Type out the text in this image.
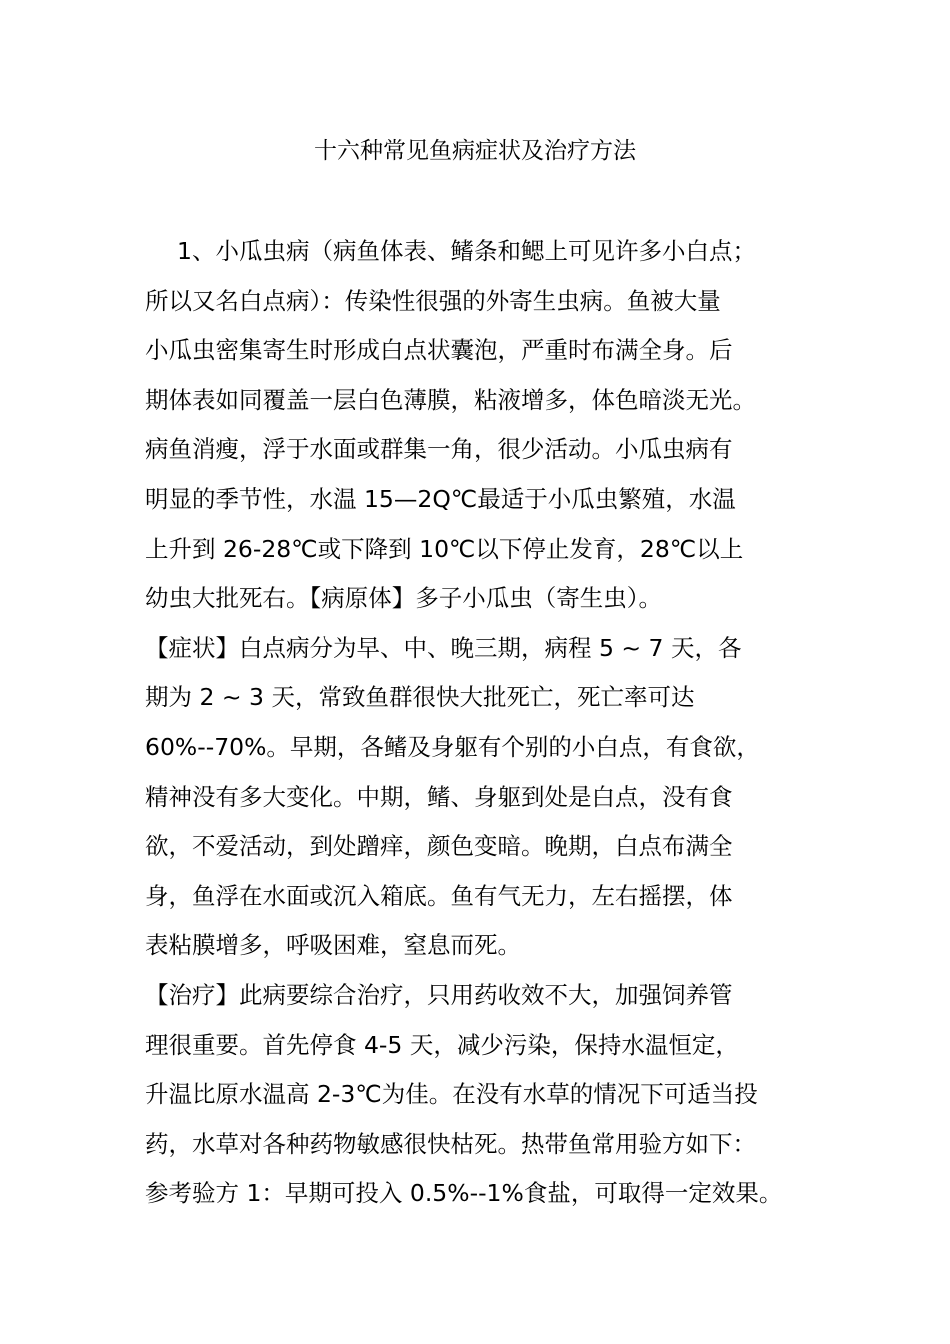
十六种常见鱼病症状及治疗方法
1、小瓜虫病（病鱼体表、鳍条和鳃上可见许多小白点；
所以又名白点病）：传染性很强的外寄生虫病。鱼被大量
小瓜虫密集寄生时形成白点状囊泡，严重时布满全身。后
期体表如同覆盖一层白色薄膜，粘液增多，体色暗淡无光。
病鱼消瘦，浮于水面或群集一角，很少活动。小瓜虫病有
明显的季节性，水温 15—2Q℃最适于小瓜虫繁殖，水温
上升到 26-28℃或下降到 10℃以下停止发育，28℃以上
幼虫大批死右。【病原体】多子小瓜虫（寄生虫）。
【症状】白点病分为早、中、晚三期，病程 5 ~ 7 天，各
期为 2 ~ 3 天，常致鱼群很快大批死亡，死亡率可达
60%--70%。早期，各鳍及身躯有个别的小白点，有食欲，
精神没有多大变化。中期，鳍、身躯到处是白点，没有食
欲，不爱活动，到处蹭痒，颜色变暗。晚期，白点布满全
身，鱼浮在水面或沉入箱底。鱼有气无力，左右摇摆，体
表粘膜增多，呼吸困难，窒息而死。
【治疗】此病要综合治疗，只用药收效不大，加强饲养管
理很重要。首先停食 4-5 天，减少污染，保持水温恒定，
升温比原水温高 2-3℃为佳。在没有水草的情况下可适当投
药，水草对各种药物敏感很快枯死。热带鱼常用验方如下：
参考验方 1：早期可投入 0.5%--1%食盐，可取得一定效果。
